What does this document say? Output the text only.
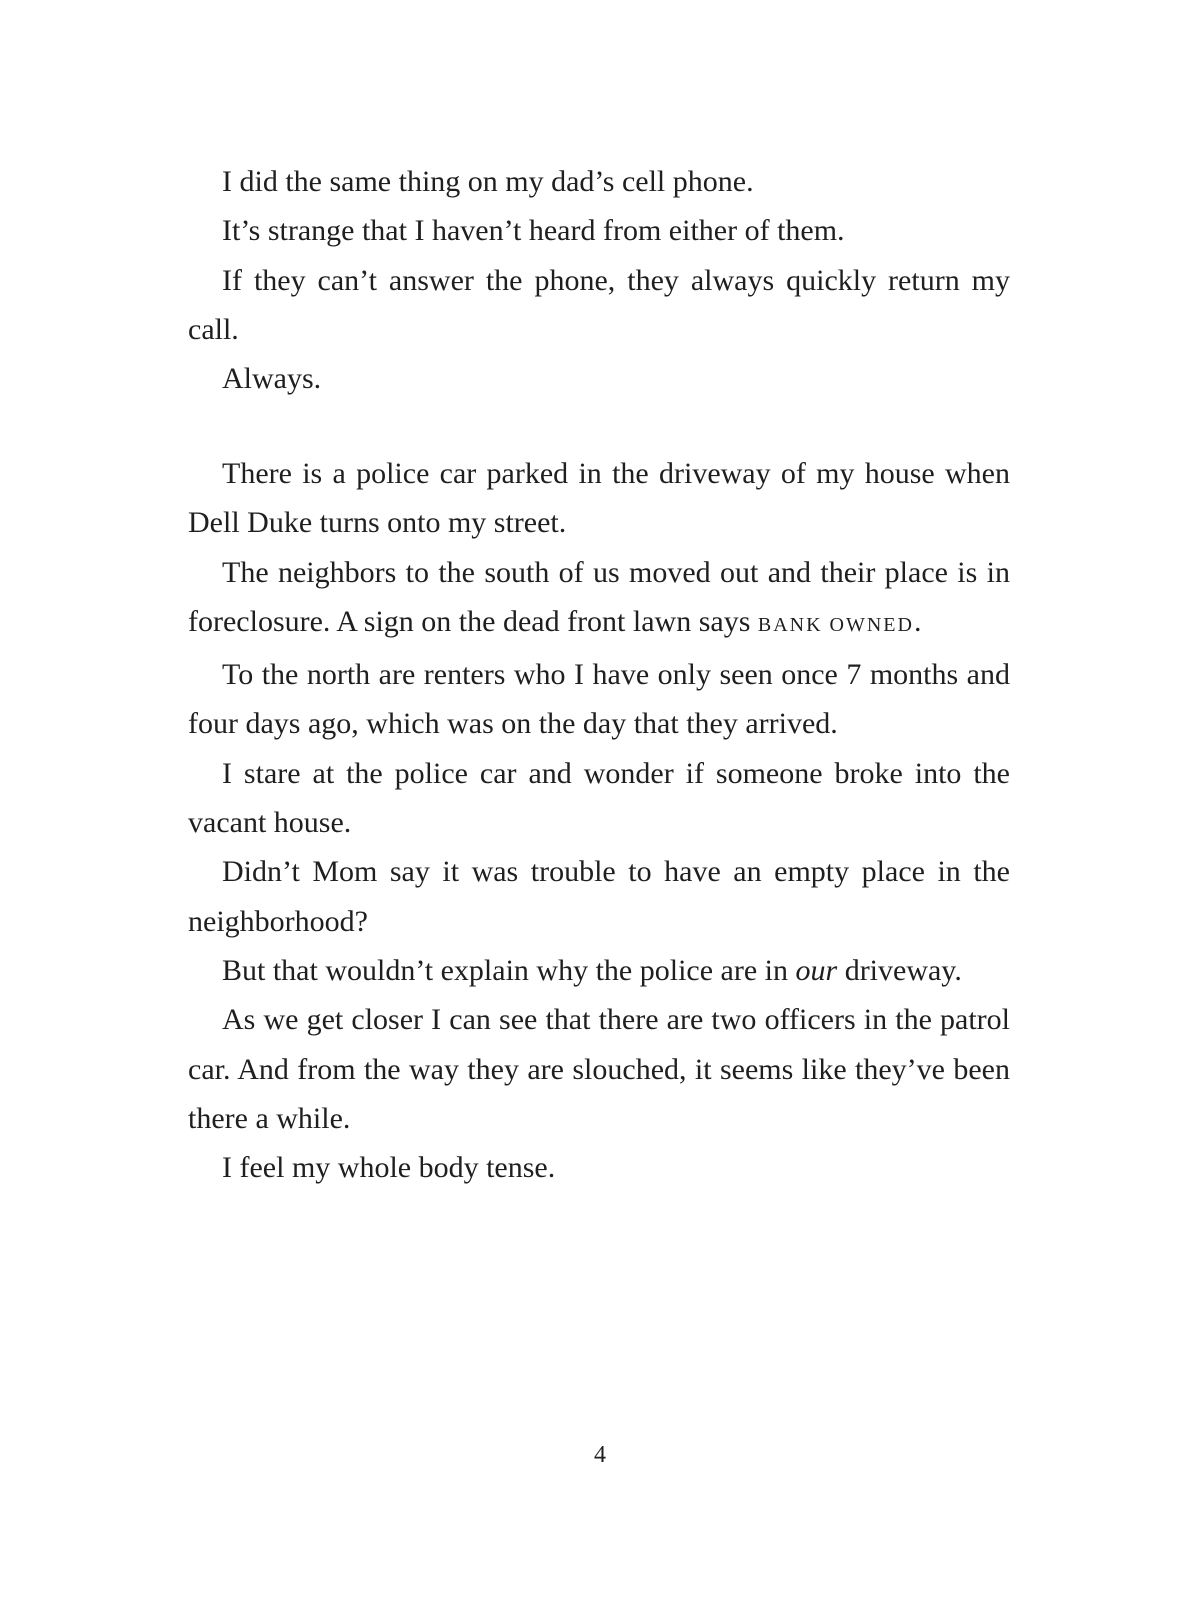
I did the same thing on my dad’s cell phone.

It’s strange that I haven’t heard from either of them.

If they can’t answer the phone, they always quickly return my call.

Always.

There is a police car parked in the driveway of my house when Dell Duke turns onto my street.

The neighbors to the south of us moved out and their place is in foreclosure. A sign on the dead front lawn says BANK OWNED.

To the north are renters who I have only seen once 7 months and four days ago, which was on the day that they arrived.

I stare at the police car and wonder if someone broke into the vacant house.

Didn’t Mom say it was trouble to have an empty place in the neighborhood?

But that wouldn’t explain why the police are in our driveway.

As we get closer I can see that there are two officers in the patrol car. And from the way they are slouched, it seems like they’ve been there a while.

I feel my whole body tense.

4
